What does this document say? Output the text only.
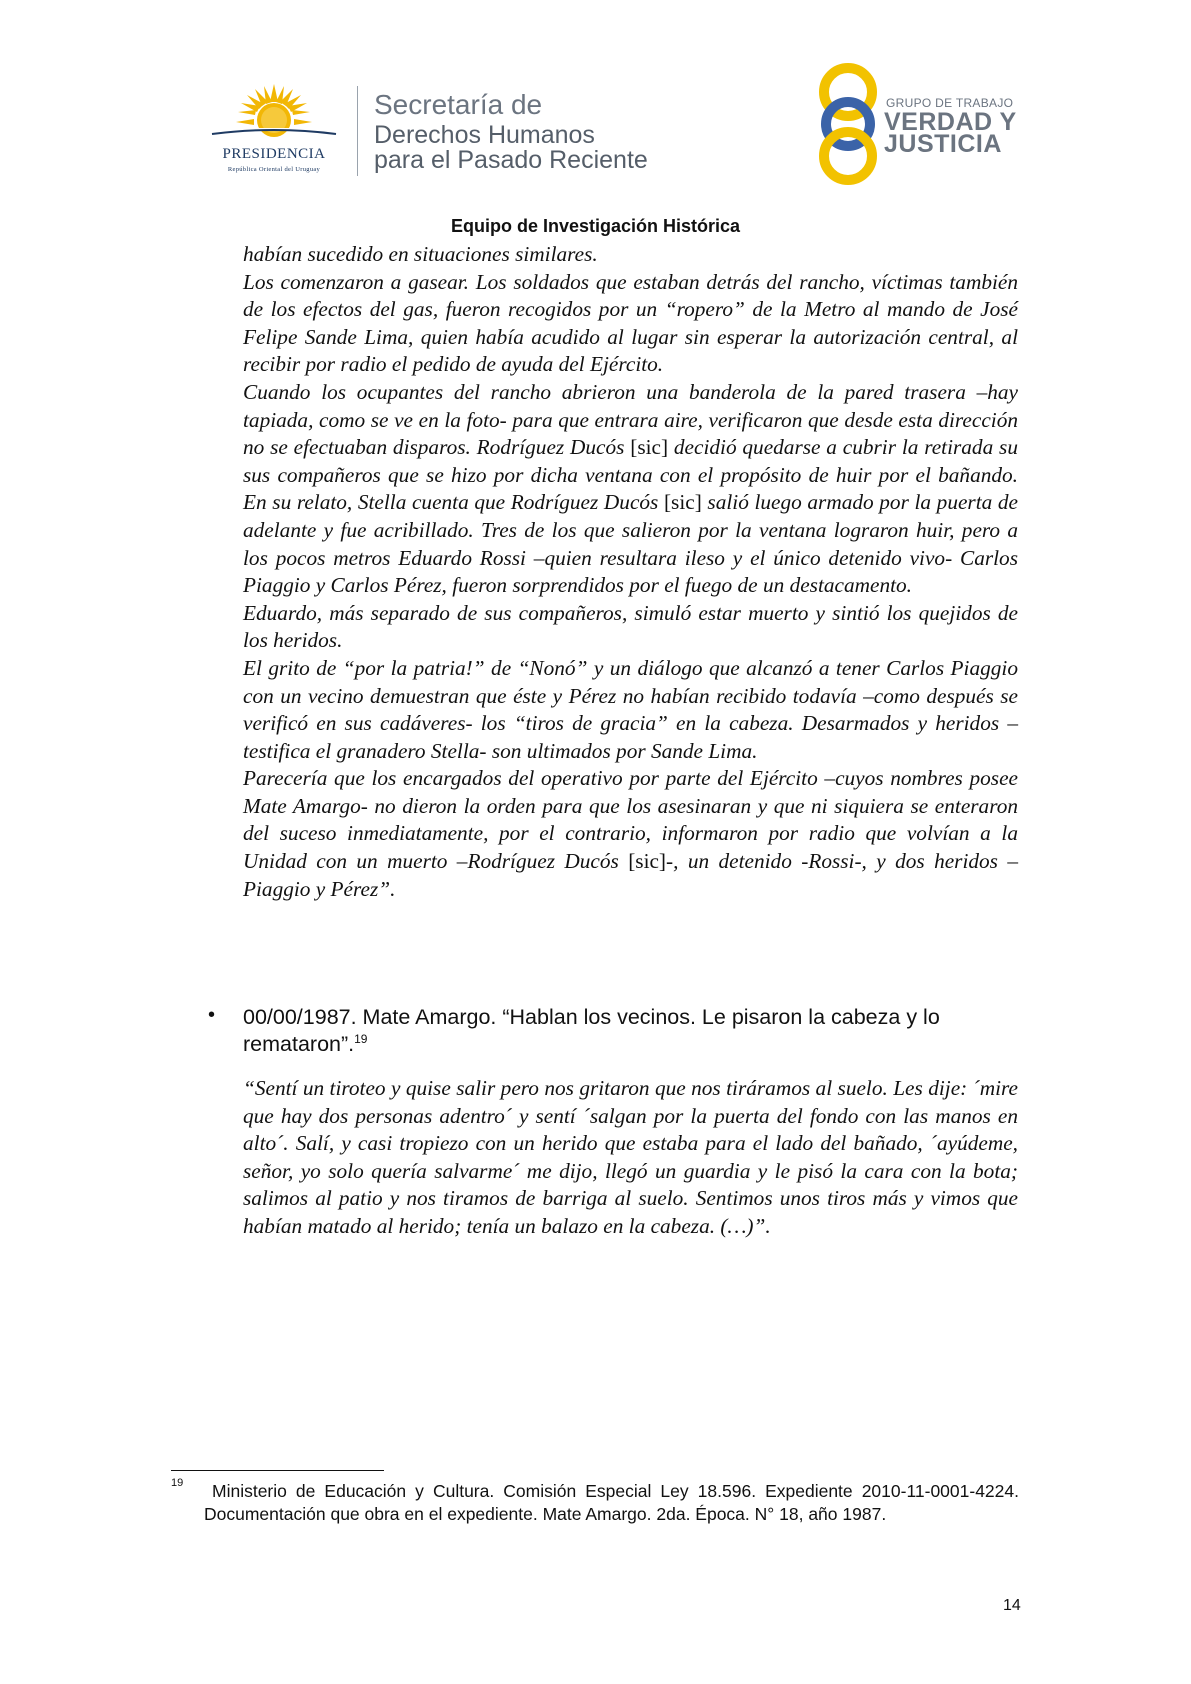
PRESIDENCIA
República Oriental del Uruguay
Secretaría de
Derechos Humanos
para el Pasado Reciente
GRUPO DE TRABAJO
VERDAD Y
JUSTICIA
Equipo de Investigación Histórica

habían sucedido en situaciones similares.

Los comenzaron a gasear. Los soldados que estaban detrás del rancho, víctimas también de los efectos del gas, fueron recogidos por un “ropero” de la Metro al mando de José Felipe Sande Lima, quien había acudido al lugar sin esperar la autorización central, al recibir por radio el pedido de ayuda del Ejército.

Cuando los ocupantes del rancho abrieron una banderola de la pared trasera –hay tapiada, como se ve en la foto- para que entrara aire, verificaron que desde esta dirección no se efectuaban disparos. Rodríguez Ducós [sic] decidió quedarse a cubrir la retirada su sus compañeros que se hizo por dicha ventana con el propósito de huir por el bañando. En su relato, Stella cuenta que Rodríguez Ducós [sic] salió luego armado por la puerta de adelante y fue acribillado. Tres de los que salieron por la ventana lograron huir, pero a los pocos metros Eduardo Rossi –quien resultara ileso y el único detenido vivo- Carlos Piaggio y Carlos Pérez, fueron sorprendidos por el fuego de un destacamento.

Eduardo, más separado de sus compañeros, simuló estar muerto y sintió los quejidos de los heridos.

El grito de “por la patria!” de “Nonó” y un diálogo que alcanzó a tener Carlos Piaggio con un vecino demuestran que éste y Pérez no habían recibido todavía –como después se verificó en sus cadáveres- los “tiros de gracia” en la cabeza. Desarmados y heridos –testifica el granadero Stella- son ultimados por Sande Lima.

Parecería que los encargados del operativo por parte del Ejército –cuyos nombres posee Mate Amargo- no dieron la orden para que los asesinaran y que ni siquiera se enteraron del suceso inmediatamente, por el contrario, informaron por radio que volvían a la Unidad con un muerto –Rodríguez Ducós [sic]-, un detenido -Rossi-, y dos heridos –Piaggio y Pérez”.

• 00/00/1987. Mate Amargo. “Hablan los vecinos. Le pisaron la cabeza y lo remataron”.$^{19}$
“Sentí un tiroteo y quise salir pero nos gritaron que nos tiráramos al suelo. Les dije: ´mire que hay dos personas adentro´ y sentí ´salgan por la puerta del fondo con las manos en alto´. Salí, y casi tropiezo con un herido que estaba para el lado del bañado, ´ayúdeme, señor, yo solo quería salvarme´ me dijo, llegó un guardia y le pisó la cara con la bota; salimos al patio y nos tiramos de barriga al suelo. Sentimos unos tiros más y vimos que habían matado al herido; tenía un balazo en la cabeza. (…)”.
19	Ministerio de Educación y Cultura. Comisión Especial Ley 18.596. Expediente 2010-11-0001-4224. Documentación que obra en el expediente. Mate Amargo. 2da. Época. N° 18, año 1987.
14
